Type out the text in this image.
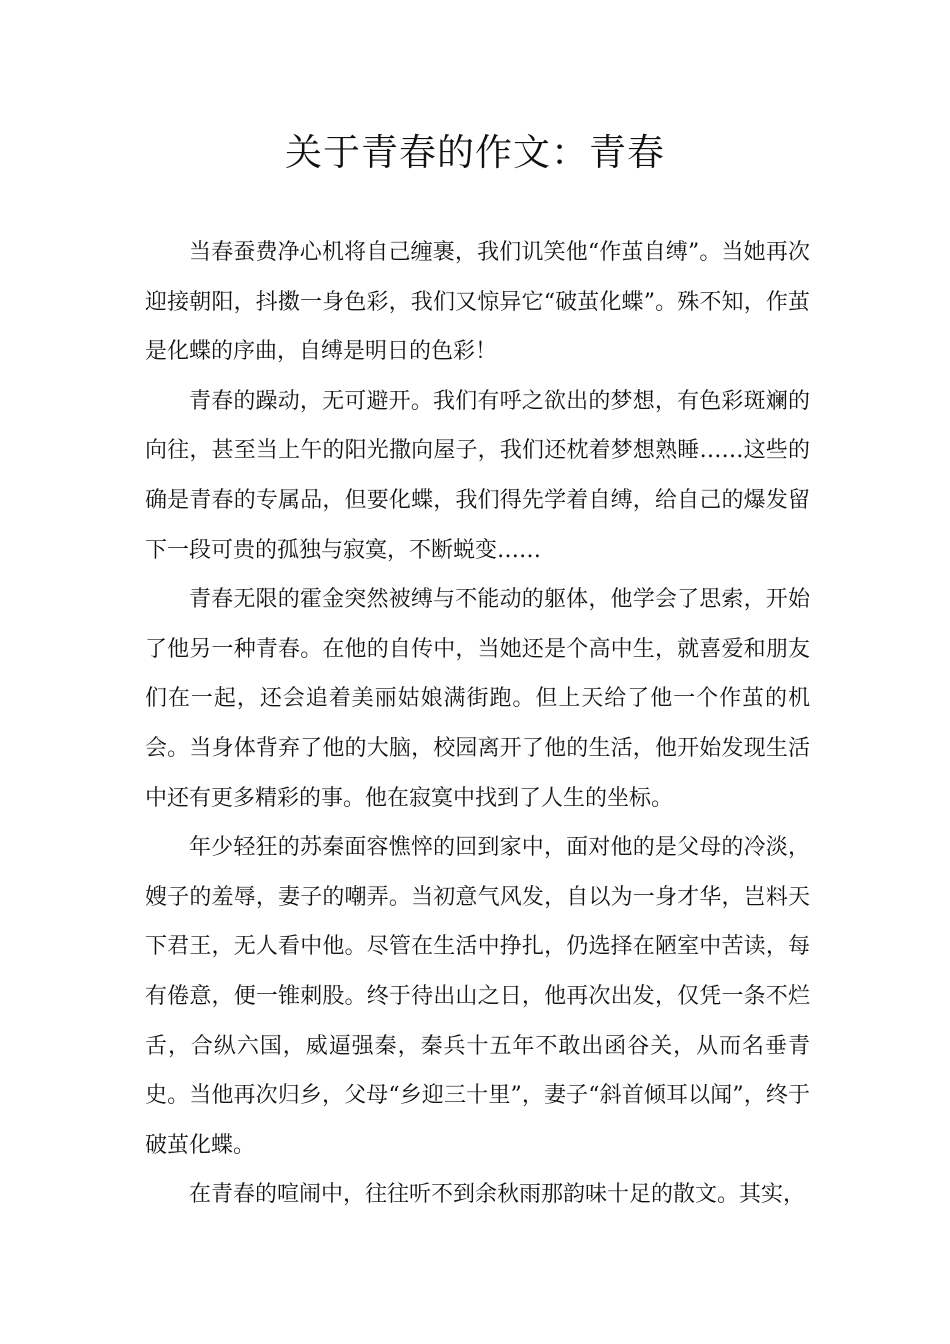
关于青春的作文：青春

当春蚕费净心机将自己缠裹，我们讥笑他“作茧自缚”。当她再次迎接朝阳，抖擞一身色彩，我们又惊异它“破茧化蝶”。殊不知，作茧是化蝶的序曲，自缚是明日的色彩！

青春的躁动，无可避开。我们有呼之欲出的梦想，有色彩斑斓的向往，甚至当上午的阳光撒向屋子，我们还枕着梦想熟睡……这些的确是青春的专属品，但要化蝶，我们得先学着自缚，给自己的爆发留下一段可贵的孤独与寂寞，不断蜕变……

青春无限的霍金突然被缚与不能动的躯体，他学会了思索，开始了他另一种青春。在他的自传中，当她还是个高中生，就喜爱和朋友们在一起，还会追着美丽姑娘满街跑。但上天给了他一个作茧的机会。当身体背弃了他的大脑，校园离开了他的生活，他开始发现生活中还有更多精彩的事。他在寂寞中找到了人生的坐标。

年少轻狂的苏秦面容憔悴的回到家中，面对他的是父母的冷淡，嫂子的羞辱，妻子的嘲弄。当初意气风发，自以为一身才华，岂料天下君王，无人看中他。尽管在生活中挣扎，仍选择在陋室中苦读，每有倦意，便一锥刺股。终于待出山之日，他再次出发，仅凭一条不烂舌，合纵六国，威逼强秦，秦兵十五年不敢出函谷关，从而名垂青史。当他再次归乡，父母“乡迎三十里”，妻子“斜首倾耳以闻”，终于破茧化蝶。

在青春的喧闹中，往往听不到余秋雨那韵味十足的散文。其实，
